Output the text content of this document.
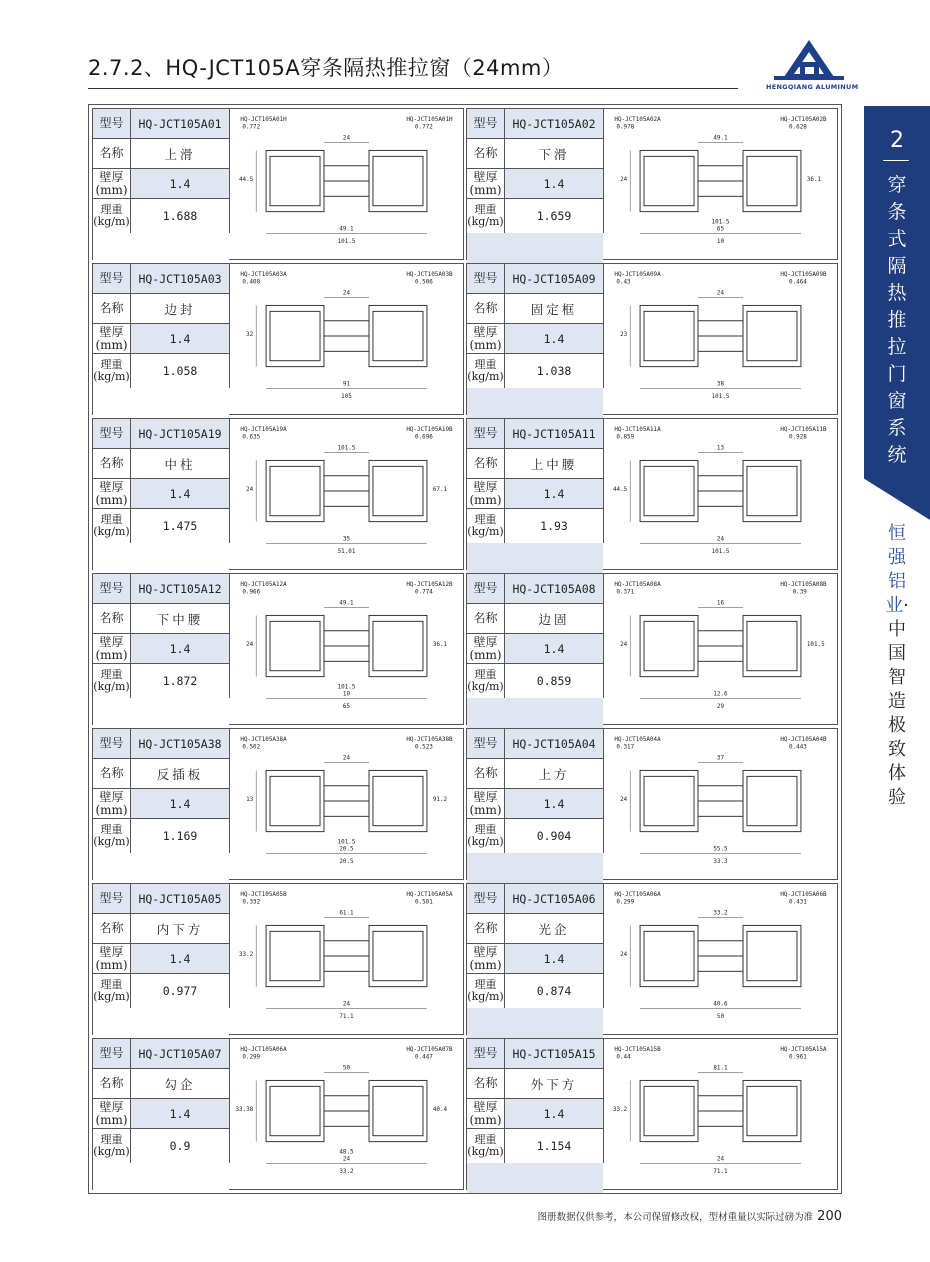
2.7.2、HQ-JCT105A穿条隔热推拉窗（24mm）
HENGQIANG ALUMINUM
2
穿条式隔热推拉门窗系统
恒强铝业·中国智造 极致体验
型号	HQ-JCT105A01
名称	上滑
壁厚
(mm)	1.4
理重
(kg/m)	1.688
HQ-JCT105A01H
0.772
HQ-JCT105A01H
0.772
24
44.5
49.1
101.5
型号	HQ-JCT105A02
名称	下滑
壁厚
(mm)	1.4
理重
(kg/m)	1.659
HQ-JCT105A02A
0.978
HQ-JCT105A02B
0.628
49.1
24
65
10
36.1
101.5
型号	HQ-JCT105A03
名称	边封
壁厚
(mm)	1.4
理重
(kg/m)	1.058
HQ-JCT105A03A
0.408
HQ-JCT105A03B
0.506
24
32
91
105
型号	HQ-JCT105A09
名称	固定框
壁厚
(mm)	1.4
理重
(kg/m)	1.038
HQ-JCT105A09A
0.43
HQ-JCT105A09B
0.464
24
23
38
101.5
型号	HQ-JCT105A19
名称	中柱
壁厚
(mm)	1.4
理重
(kg/m)	1.475
HQ-JCT105A19A
0.635
HQ-JCT105A19B
0.696
101.5
24
35
51.01
67.1
型号	HQ-JCT105A11
名称	上中腰
壁厚
(mm)	1.4
理重
(kg/m)	1.93
HQ-JCT105A11A
0.859
HQ-JCT105A11B
0.928
13
44.5
24
101.5
型号	HQ-JCT105A12
名称	下中腰
壁厚
(mm)	1.4
理重
(kg/m)	1.872
HQ-JCT105A12A
0.966
HQ-JCT105A12B
0.774
49.1
24
10
65
36.1
101.5
型号	HQ-JCT105A08
名称	边固
壁厚
(mm)	1.4
理重
(kg/m)	0.859
HQ-JCT105A08A
0.371
HQ-JCT105A08B
0.39
16
24
12.6
29
101.5
型号	HQ-JCT105A38
名称	反插板
壁厚
(mm)	1.4
理重
(kg/m)	1.169
HQ-JCT105A38A
0.502
HQ-JCT105A38B
0.523
24
13
20.5
20.5
91.2
101.5
型号	HQ-JCT105A04
名称	上方
壁厚
(mm)	1.4
理重
(kg/m)	0.904
HQ-JCT105A04A
0.317
HQ-JCT105A04B
0.443
37
24
55.5
33.3
型号	HQ-JCT105A05
名称	内下方
壁厚
(mm)	1.4
理重
(kg/m)	0.977
HQ-JCT105A05B
0.332
HQ-JCT105A05A
0.501
61.1
33.2
24
71.1
型号	HQ-JCT105A06
名称	光企
壁厚
(mm)	1.4
理重
(kg/m)	0.874
HQ-JCT105A06A
0.299
HQ-JCT105A06B
0.431
33.2
24
40.6
50
型号	HQ-JCT105A07
名称	勾企
壁厚
(mm)	1.4
理重
(kg/m)	0.9
HQ-JCT105A06A
0.299
HQ-JCT105A07B
0.447
50
33.38
24
33.2
40.4
48.5
型号	HQ-JCT105A15
名称	外下方
壁厚
(mm)	1.4
理重
(kg/m)	1.154
HQ-JCT105A15B
0.44
HQ-JCT105A15A
0.961
81.1
33.2
24
71.1
图册数据仅供参考，本公司保留修改权，型材重量以实际过磅为准 200
